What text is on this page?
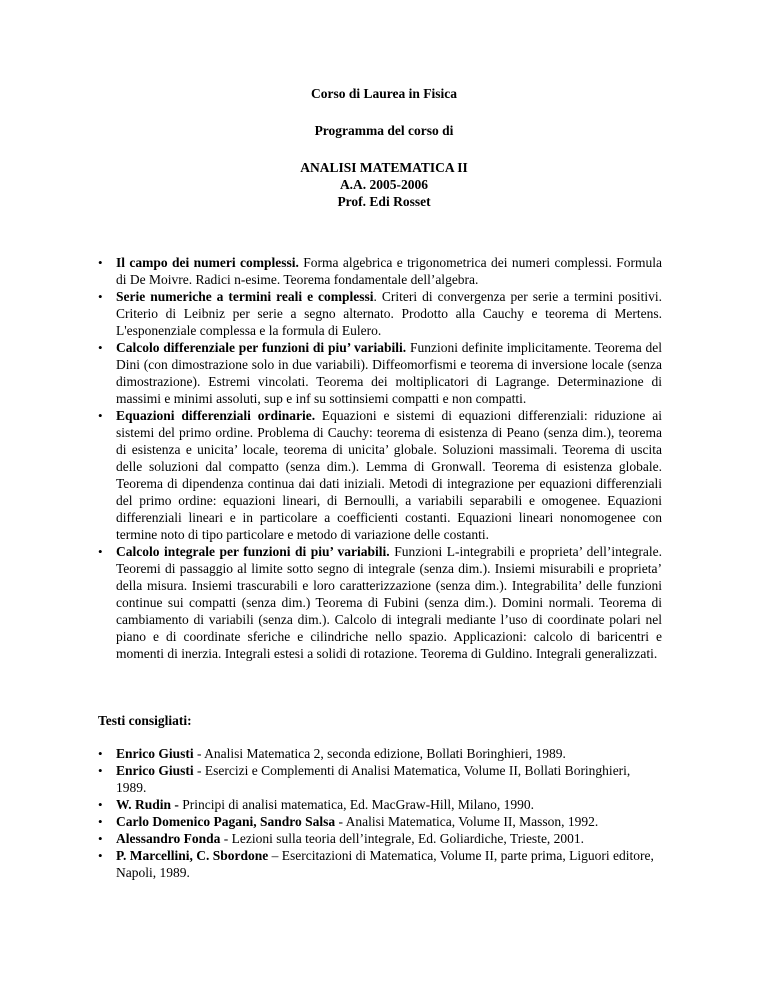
Corso di Laurea in Fisica
Programma del corso di
ANALISI MATEMATICA II
A.A. 2005-2006
Prof. Edi Rosset
• Il campo dei numeri complessi. Forma algebrica e trigonometrica dei numeri complessi. Formula di De Moivre. Radici n-esime. Teorema fondamentale dell’algebra.
• Serie numeriche a termini reali e complessi. Criteri di convergenza per serie a termini positivi. Criterio di Leibniz per serie a segno alternato. Prodotto alla Cauchy e teorema di Mertens. L'esponenziale complessa e la formula di Eulero.
• Calcolo differenziale per funzioni di piu’ variabili. Funzioni definite implicitamente. Teorema del Dini (con dimostrazione solo in due variabili). Diffeomorfismi e teorema di inversione locale (senza dimostrazione). Estremi vincolati. Teorema dei moltiplicatori di Lagrange. Determinazione di massimi e minimi assoluti, sup e inf su sottinsiemi compatti e non compatti.
• Equazioni differenziali ordinarie. Equazioni e sistemi di equazioni differenziali: riduzione ai sistemi del primo ordine. Problema di Cauchy: teorema di esistenza di Peano (senza dim.), teorema di esistenza e unicita’ locale, teorema di unicita’ globale. Soluzioni massimali. Teorema di uscita delle soluzioni dal compatto (senza dim.). Lemma di Gronwall. Teorema di esistenza globale. Teorema di dipendenza continua dai dati iniziali. Metodi di integrazione per equazioni differenziali del primo ordine: equazioni lineari, di Bernoulli, a variabili separabili e omogenee. Equazioni differenziali lineari e in particolare a coefficienti costanti. Equazioni lineari nonomogenee con termine noto di tipo particolare e metodo di variazione delle costanti.
• Calcolo integrale per funzioni di piu’ variabili. Funzioni L-integrabili e proprieta’ dell’integrale. Teoremi di passaggio al limite sotto segno di integrale (senza dim.). Insiemi misurabili e proprieta’ della misura. Insiemi trascurabili e loro caratterizzazione (senza dim.). Integrabilita’ delle funzioni continue sui compatti (senza dim.) Teorema di Fubini (senza dim.). Domini normali. Teorema di cambiamento di variabili (senza dim.). Calcolo di integrali mediante l’uso di coordinate polari nel piano e di coordinate sferiche e cilindriche nello spazio. Applicazioni: calcolo di baricentri e momenti di inerzia. Integrali estesi a solidi di rotazione. Teorema di Guldino. Integrali generalizzati.
Testi consigliati:
• Enrico Giusti - Analisi Matematica 2, seconda edizione, Bollati Boringhieri, 1989.
• Enrico Giusti - Esercizi e Complementi di Analisi Matematica, Volume II, Bollati Boringhieri, 1989.
• W. Rudin - Principi di analisi matematica, Ed. MacGraw-Hill, Milano, 1990.
• Carlo Domenico Pagani, Sandro Salsa - Analisi Matematica, Volume II, Masson, 1992.
• Alessandro Fonda - Lezioni sulla teoria dell’integrale, Ed. Goliardiche, Trieste, 2001.
• P. Marcellini, C. Sbordone – Esercitazioni di Matematica, Volume II, parte prima, Liguori editore, Napoli, 1989.
